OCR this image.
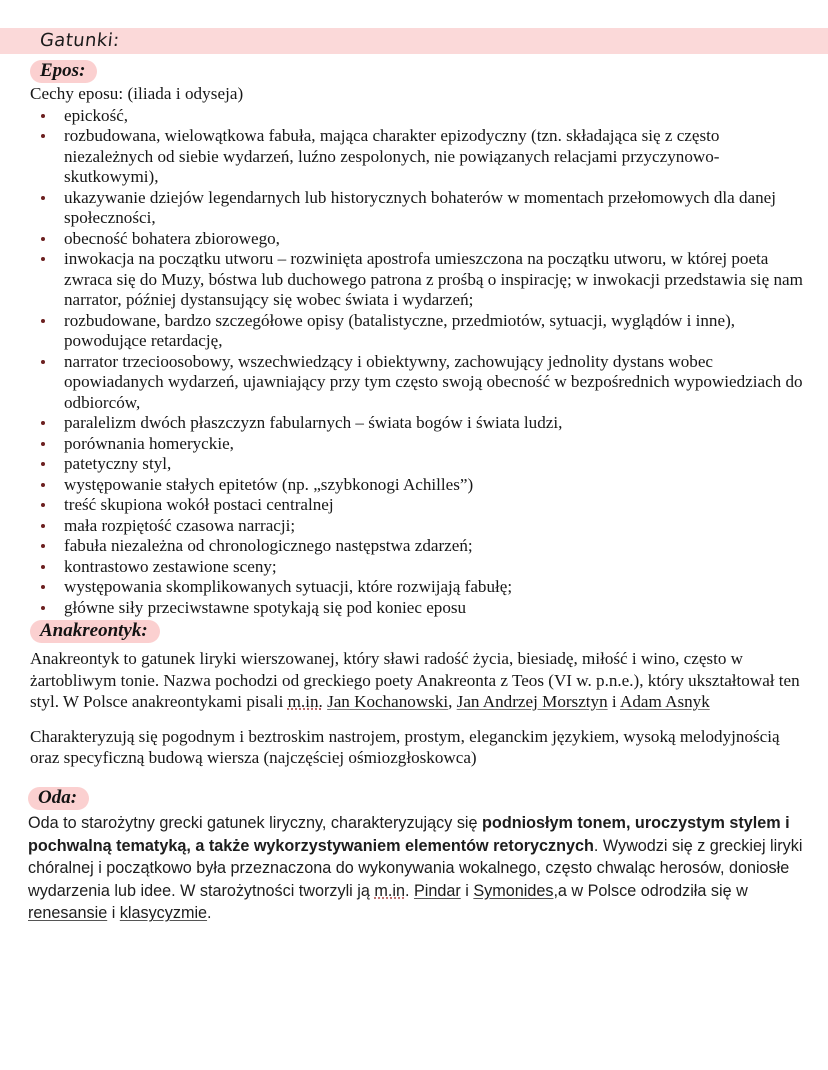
Gatunki:
Epos:

Cechy eposu: (iliada i odyseja)

epickość,
rozbudowana, wielowątkowa fabuła, mająca charakter epizodyczny (tzn. składająca się z często niezależnych od siebie wydarzeń, luźno zespolonych, nie powiązanych relacjami przyczynowo-skutkowymi),
ukazywanie dziejów legendarnych lub historycznych bohaterów w momentach przełomowych dla danej społeczności,
obecność bohatera zbiorowego,
inwokacja na początku utworu – rozwinięta apostrofa umieszczona na początku utworu, w której poeta zwraca się do Muzy, bóstwa lub duchowego patrona z prośbą o inspirację; w inwokacji przedstawia się nam narrator, później dystansujący się wobec świata i wydarzeń;
rozbudowane, bardzo szczegółowe opisy (batalistyczne, przedmiotów, sytuacji, wyglądów i inne), powodujące retardację,
narrator trzecioosobowy, wszechwiedzący i obiektywny, zachowujący jednolity dystans wobec opowiadanych wydarzeń, ujawniający przy tym często swoją obecność w bezpośrednich wypowiedziach do odbiorców,
paralelizm dwóch płaszczyzn fabularnych – świata bogów i świata ludzi,
porównania homeryckie,
patetyczny styl,
występowanie stałych epitetów (np. „szybkonogi Achilles”)
treść skupiona wokół postaci centralnej
mała rozpiętość czasowa narracji;
fabuła niezależna od chronologicznego następstwa zdarzeń;
kontrastowo zestawione sceny;
występowania skomplikowanych sytuacji, które rozwijają fabułę;
główne siły przeciwstawne spotykają się pod koniec eposu
Anakreontyk:

Anakreontyk to gatunek liryki wierszowanej, który sławi radość życia, biesiadę, miłość i wino, często w żartobliwym tonie. Nazwa pochodzi od greckiego poety Anakreonta z Teos (VI w. p.n.e.), który ukształtował ten styl. W Polsce anakreontykami pisali m.in. Jan Kochanowski, Jan Andrzej Morsztyn i Adam Asnyk

Charakteryzują się pogodnym i beztroskim nastrojem, prostym, eleganckim językiem, wysoką melodyjnością oraz specyficzną budową wiersza (najczęściej ośmiozgłoskowca)

Oda:

Oda to starożytny grecki gatunek liryczny, charakteryzujący się podniosłym tonem, uroczystym stylem i pochwalną tematyką, a także wykorzystywaniem elementów retorycznych. Wywodzi się z greckiej liryki chóralnej i początkowo była przeznaczona do wykonywania wokalnego, często chwaląc herosów, doniosłe wydarzenia lub idee. W starożytności tworzyli ją m.in. Pindar i Symonides,a w Polsce odrodziła się w renesansie i klasycyzmie.
